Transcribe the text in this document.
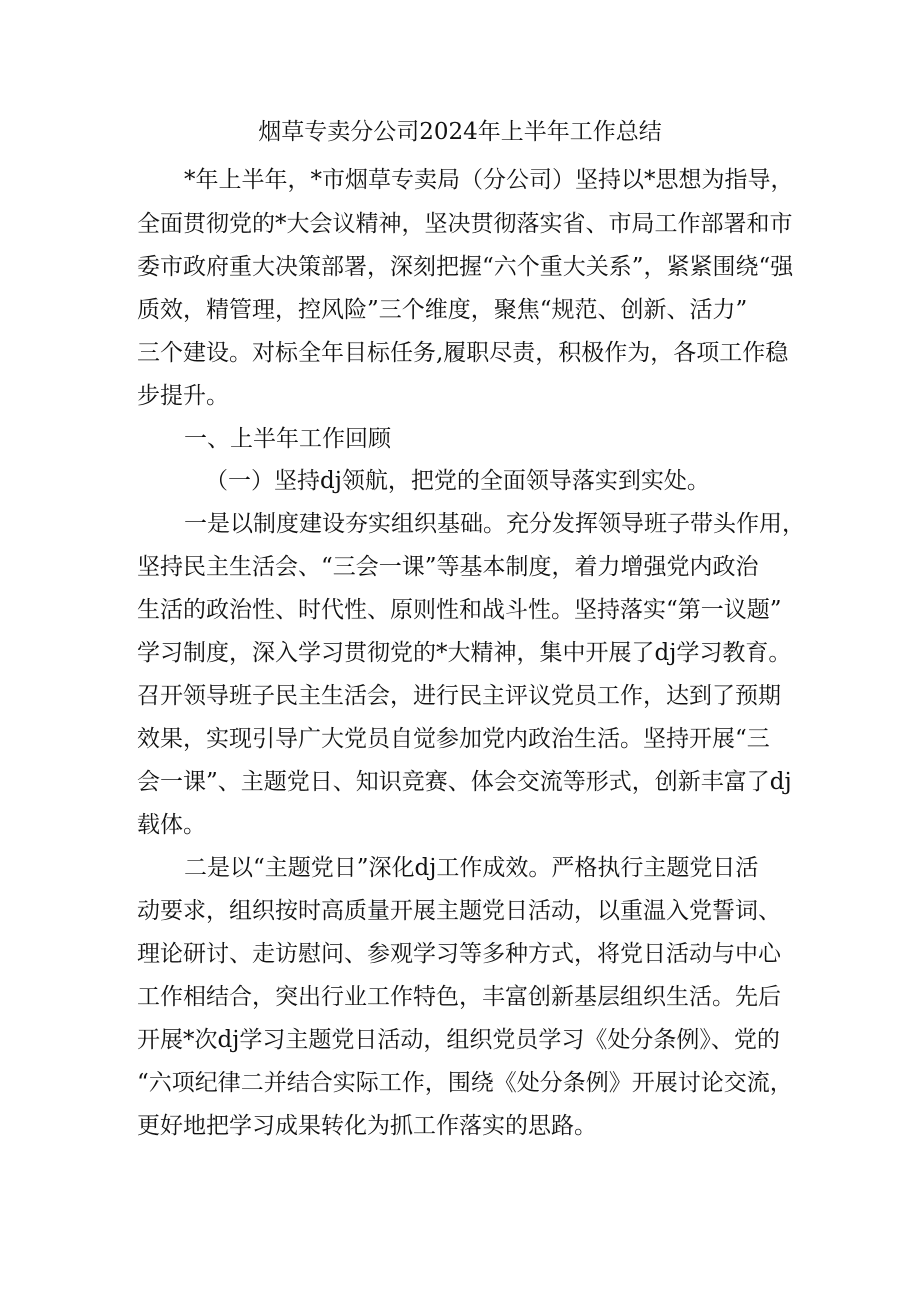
烟草专卖分公司2024年上半年工作总结
*年上半年，*市烟草专卖局（分公司）坚持以*思想为指导，
全面贯彻党的*大会议精神，坚决贯彻落实省、市局工作部署和市
委市政府重大决策部署，深刻把握“六个重大关系”，紧紧围绕“强
质效，精管理，控风险”三个维度，聚焦“规范、创新、活力”
三个建设。对标全年目标任务,履职尽责，积极作为，各项工作稳
步提升。
一、上半年工作回顾
（一）坚持dj领航，把党的全面领导落实到实处。
一是以制度建设夯实组织基础。充分发挥领导班子带头作用，
坚持民主生活会、“三会一课”等基本制度，着力增强党内政治
生活的政治性、时代性、原则性和战斗性。坚持落实“第一议题”
学习制度，深入学习贯彻党的*大精神，集中开展了dj学习教育。
召开领导班子民主生活会，进行民主评议党员工作，达到了预期
效果，实现引导广大党员自觉参加党内政治生活。坚持开展“三
会一课”、主题党日、知识竞赛、体会交流等形式，创新丰富了dj
载体。
二是以“主题党日”深化dj工作成效。严格执行主题党日活
动要求，组织按时高质量开展主题党日活动，以重温入党誓词、
理论研讨、走访慰问、参观学习等多种方式，将党日活动与中心
工作相结合，突出行业工作特色，丰富创新基层组织生活。先后
开展*次dj学习主题党日活动，组织党员学习《处分条例》、党的
“六项纪律二并结合实际工作，围绕《处分条例》开展讨论交流，
更好地把学习成果转化为抓工作落实的思路。
